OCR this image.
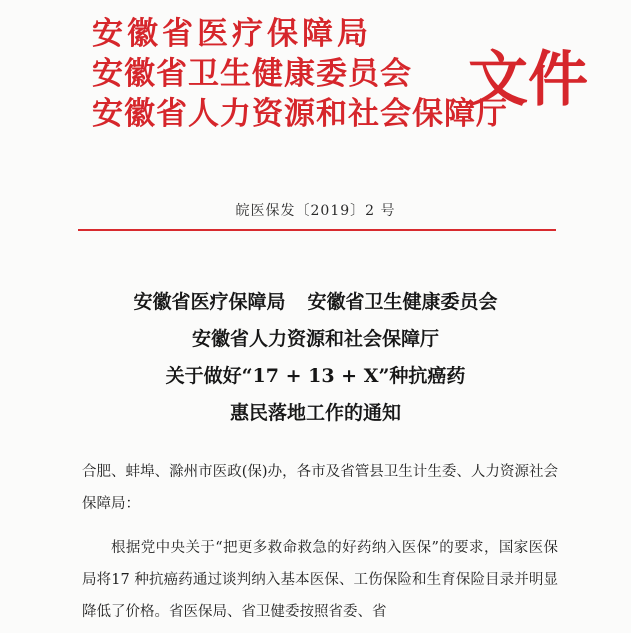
安徽省医疗保障局
安徽省卫生健康委员会
安徽省人力资源和社会保障厅
文件
皖医保发〔2019〕2 号
安徽省医疗保障局 安徽省卫生健康委员会
安徽省人力资源和社会保障厅
关于做好“17 + 13 + X”种抗癌药
惠民落地工作的通知

合肥、蚌埠、滁州市医政(保)办，各市及省管县卫生计生委、人力资源社会保障局：

根据党中央关于“把更多救命救急的好药纳入医保”的要求，国家医保局将17 种抗癌药通过谈判纳入基本医保、工伤保险和生育保险目录并明显降低了价格。省医保局、省卫健委按照省委、省
